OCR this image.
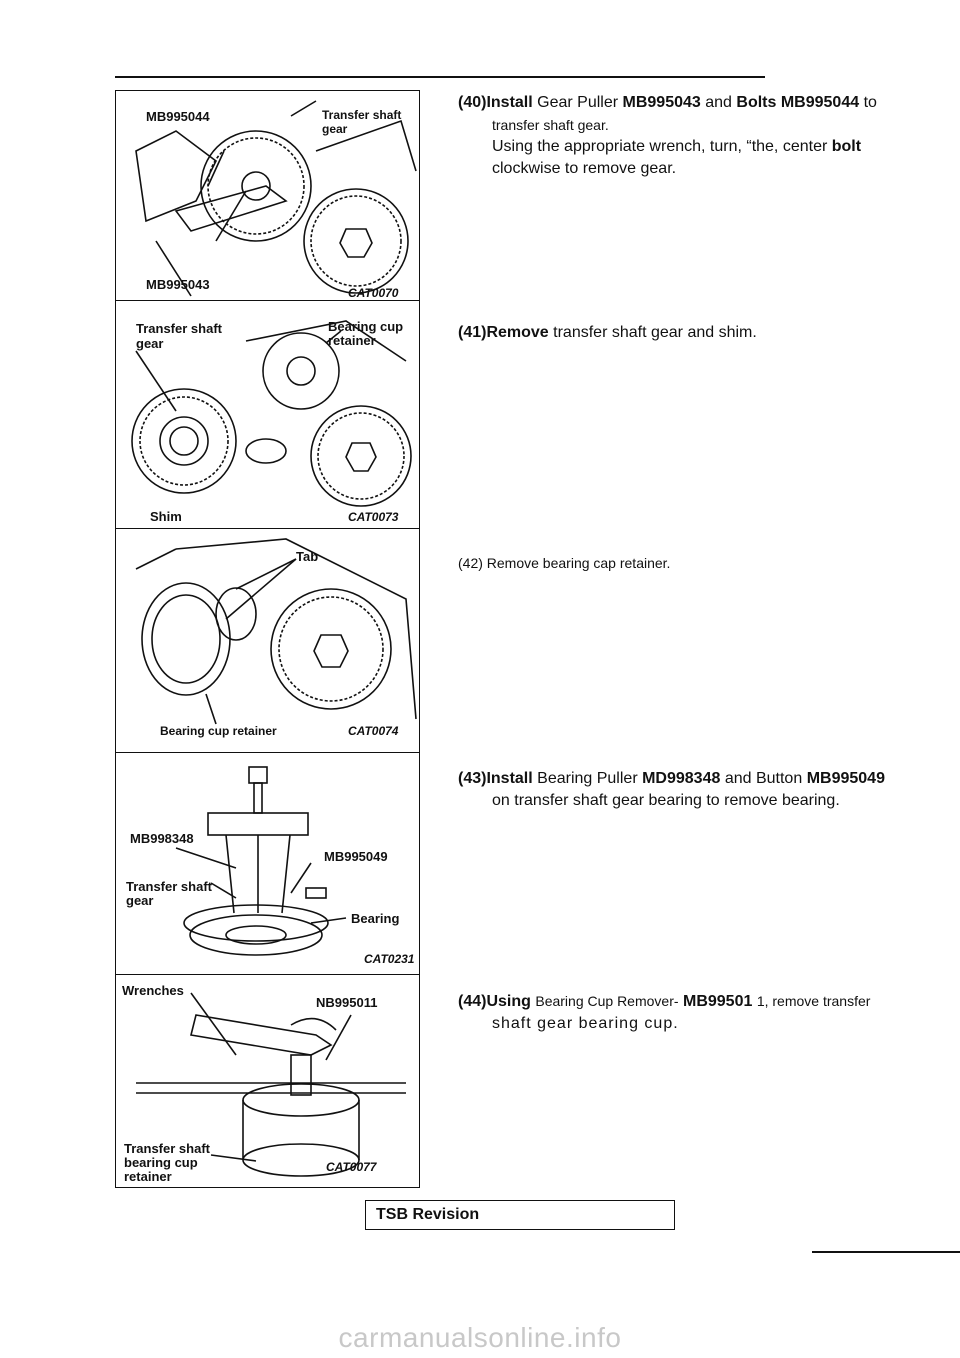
MB995044	Transfer shaft
gear
MB995043
CAT0070
Transfer shaft
gear
Bearing cup
retainer
Shim	CAT0073
Tab
Bearing cup retainer	CAT0074
MB998348
MB995049
Transfer shaft
gear
Bearing
CAT0231
Wrenches
NB995011
Transfer shaft
bearing cup
retainer
CAT0077
(40)Install Gear Puller MB995043 and Bolts MB995044 to
transfer shaft gear.
Using the appropriate wrench, turn, “the, center bolt
clockwise to remove gear.
(41)Remove transfer shaft gear and shim.
(42) Remove bearing cap retainer.
(43)Install Bearing Puller MD998348 and Button MB995049
on transfer shaft gear bearing to remove bearing.
(44)Using Bearing Cup Remover- MB99501 1, remove transfer
shaft gear bearing cup.
TSB Revision
carmanualsonline.info
